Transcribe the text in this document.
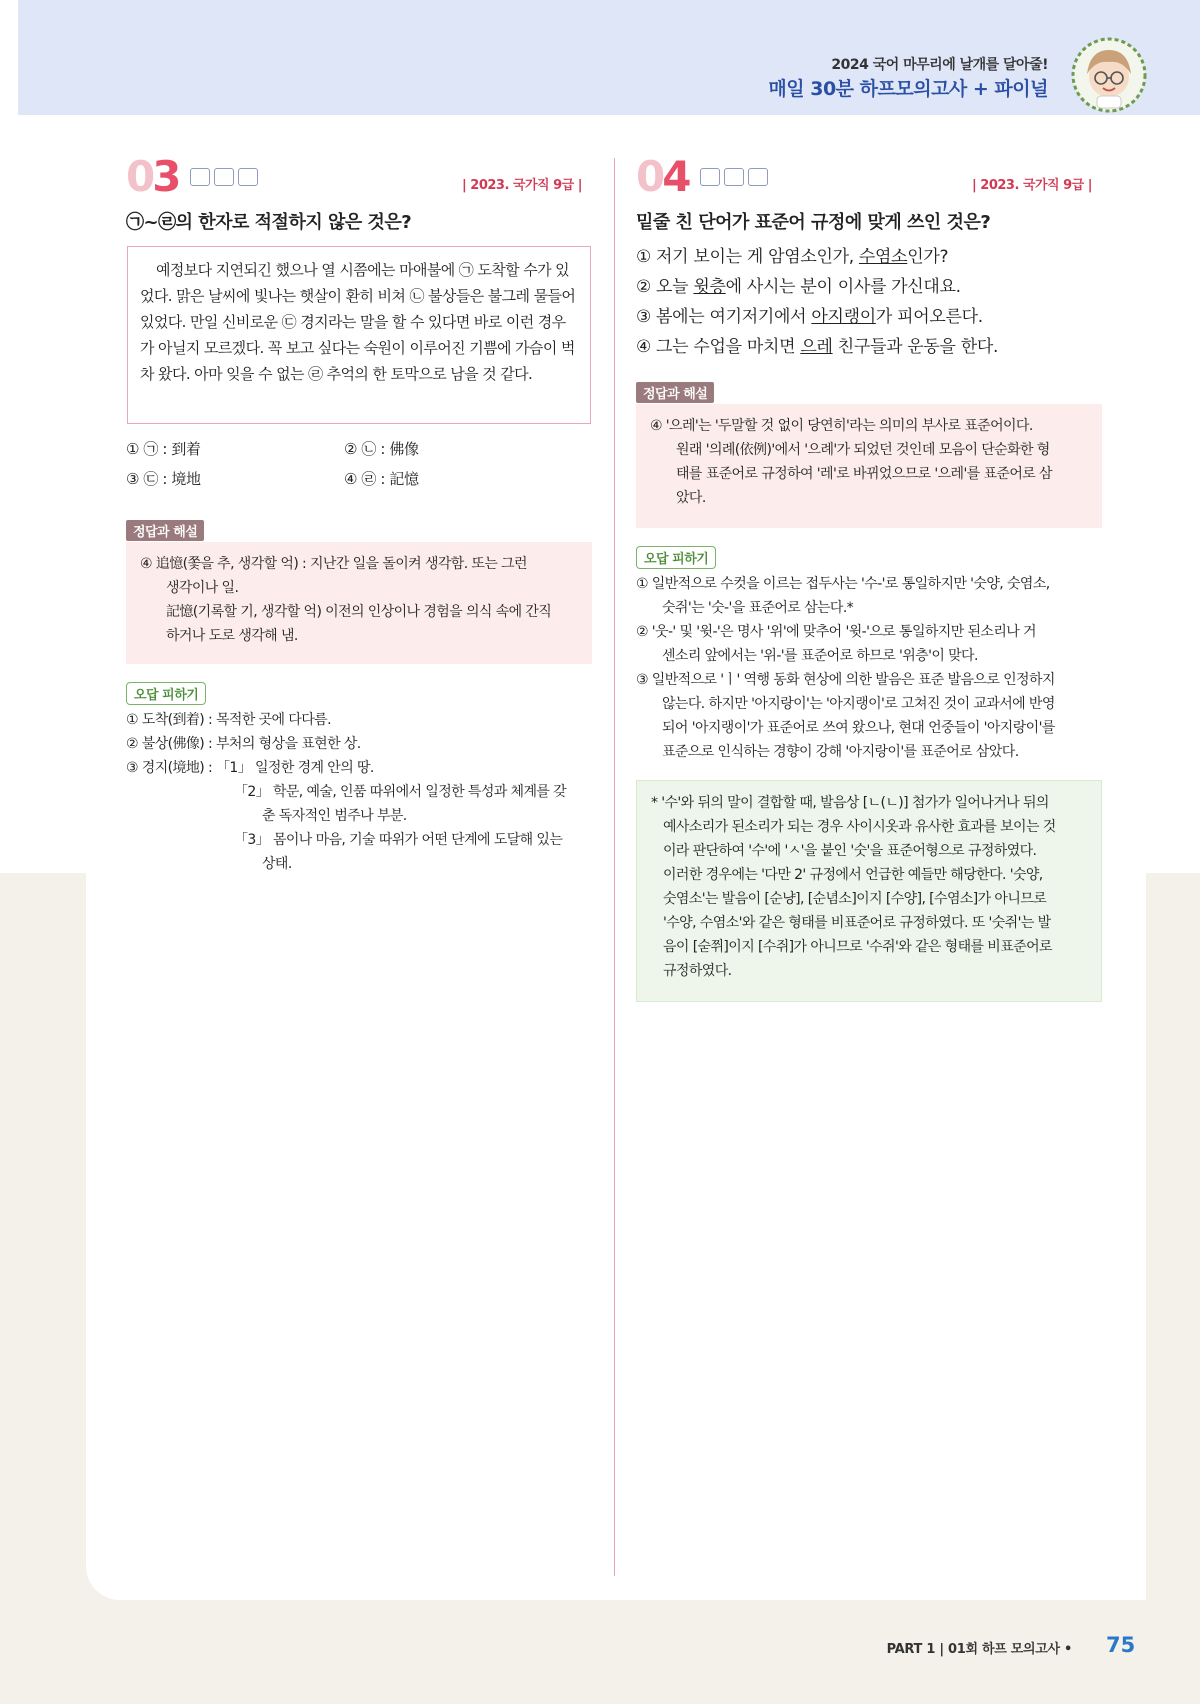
2024 국어 마무리에 날개를 달아줄!
매일 30분 하프모의고사 + 파이널
03	| 2023. 국가직 9급 |
㉠~㉣의 한자로 적절하지 않은 것은?

예정보다 지연되긴 했으나 열 시쯤에는 마애불에 ㉠ 도착할 수가 있었다. 맑은 날씨에 빛나는 햇살이 환히 비쳐 ㉡ 불상들은 불그레 물들어 있었다. 만일 신비로운 ㉢ 경지라는 말을 할 수 있다면 바로 이런 경우가 아닐지 모르겠다. 꼭 보고 싶다는 숙원이 이루어진 기쁨에 가슴이 벅차 왔다. 아마 잊을 수 없는 ㉣ 추억의 한 토막으로 남을 것 같다.

① ㉠ : 到着	② ㉡ : 佛像
③ ㉢ : 境地	④ ㉣ : 記憶
정답과 해설
④ 追憶(쫓을 추, 생각할 억) : 지난간 일을 돌이켜 생각함. 또는 그런
생각이나 일.
記憶(기록할 기, 생각할 억) 이전의 인상이나 경험을 의식 속에 간직
하거나 도로 생각해 냄.
오답 피하기
① 도착(到着) : 목적한 곳에 다다름.
② 불상(佛像) : 부처의 형상을 표현한 상.
③ 경지(境地) : 「1」 일정한 경계 안의 땅.
「2」 학문, 예술, 인품 따위에서 일정한 특성과 체계를 갖
춘 독자적인 범주나 부분.
「3」 몸이나 마음, 기술 따위가 어떤 단계에 도달해 있는
상태.
04	| 2023. 국가직 9급 |
밑줄 친 단어가 표준어 규정에 맞게 쓰인 것은?
① 저기 보이는 게 암염소인가, 수염소인가?
② 오늘 윗층에 사시는 분이 이사를 가신대요.
③ 봄에는 여기저기에서 아지랭이가 피어오른다.
④ 그는 수업을 마치면 으레 친구들과 운동을 한다.
정답과 해설
④ '으레'는 '두말할 것 없이 당연히'라는 의미의 부사로 표준어이다.
원래 '의례(依例)'에서 '으례'가 되었던 것인데 모음이 단순화한 형
태를 표준어로 규정하여 '레'로 바뀌었으므로 '으레'를 표준어로 삼
았다.
오답 피하기
① 일반적으로 수컷을 이르는 접두사는 '수-'로 통일하지만 '숫양, 숫염소,
숫쥐'는 '숫-'을 표준어로 삼는다.*
② '웃-' 및 '윗-'은 명사 '위'에 맞추어 '윗-'으로 통일하지만 된소리나 거
센소리 앞에서는 '위-'를 표준어로 하므로 '위층'이 맞다.
③ 일반적으로 'ㅣ' 역행 동화 현상에 의한 발음은 표준 발음으로 인정하지
않는다. 하지만 '아지랑이'는 '아지랭이'로 고쳐진 것이 교과서에 반영
되어 '아지랭이'가 표준어로 쓰여 왔으나, 현대 언중들이 '아지랑이'를
표준으로 인식하는 경향이 강해 '아지랑이'를 표준어로 삼았다.
* '수'와 뒤의 말이 결합할 때, 발음상 [ㄴ(ㄴ)] 첨가가 일어나거나 뒤의
예사소리가 된소리가 되는 경우 사이시옷과 유사한 효과를 보이는 것
이라 판단하여 '수'에 'ㅅ'을 붙인 '숫'을 표준어형으로 규정하였다.
이러한 경우에는 '다만 2' 규정에서 언급한 예들만 해당한다. '숫양,
숫염소'는 발음이 [순냥], [순념소]이지 [수양], [수염소]가 아니므로
'수양, 수염소'와 같은 형태를 비표준어로 규정하였다. 또 '숫쥐'는 발
음이 [숟쮜]이지 [수쥐]가 아니므로 '수쥐'와 같은 형태를 비표준어로
규정하였다.
PART 1 | 01회 하프 모의고사 • 75
